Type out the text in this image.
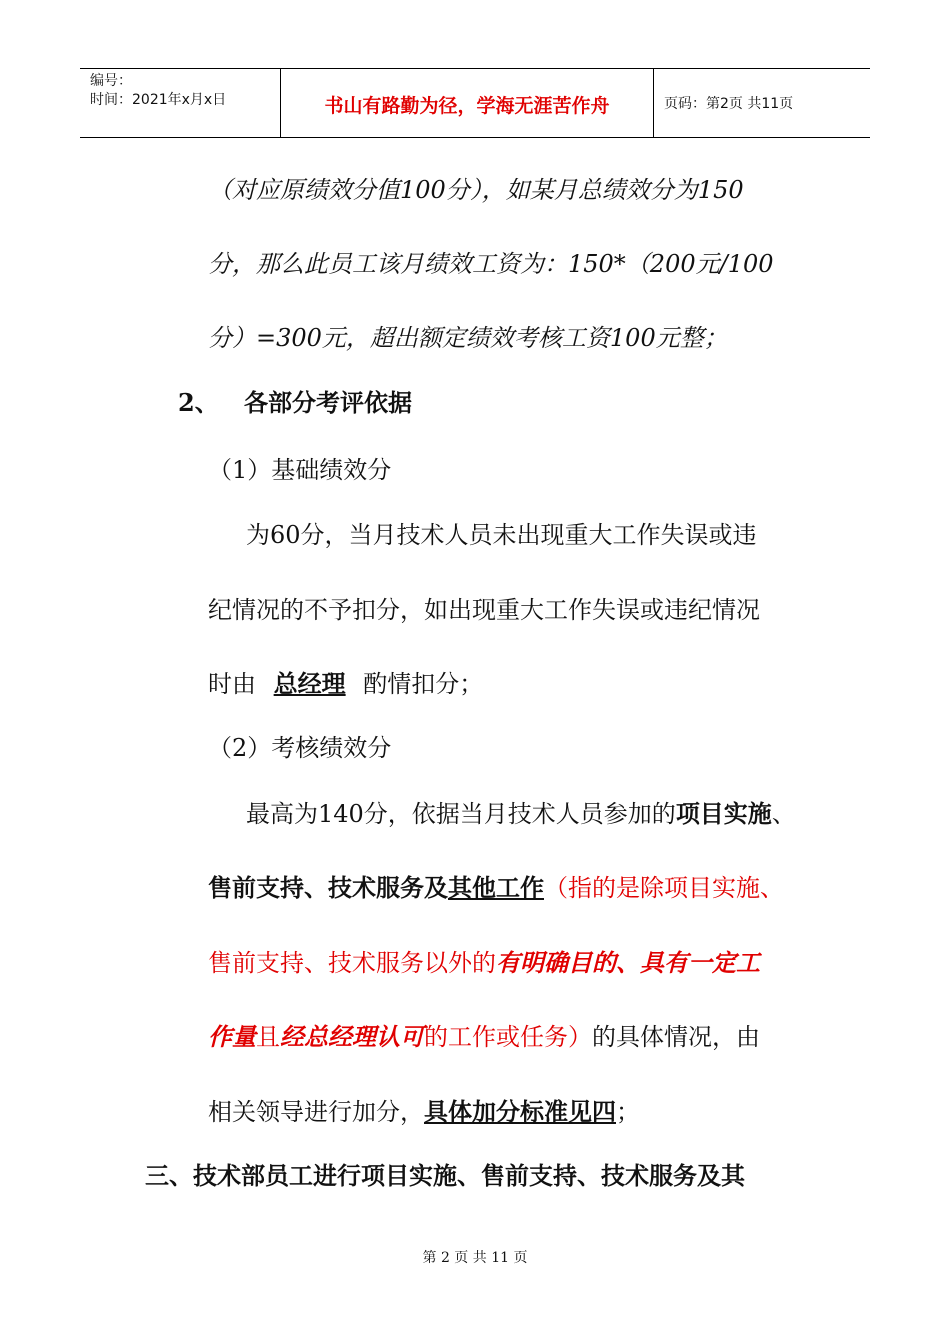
编号：
时间：2021年x月x日	书山有路勤为径，学海无涯苦作舟	页码：第2页 共11页
（对应原绩效分值100分），如某月总绩效分为150
分，那么此员工该月绩效工资为：150*（200元/100
分）=300元，超出额定绩效考核工资100元整；
2、 各部分考评依据
（1）基础绩效分
为60分，当月技术人员未出现重大工作失误或违
纪情况的不予扣分，如出现重大工作失误或违纪情况
时由 总经理 酌情扣分；
（2）考核绩效分
最高为140分，依据当月技术人员参加的项目实施、
售前支持、技术服务及其他工作（指的是除项目实施、
售前支持、技术服务以外的有明确目的、具有一定工
作量且经总经理认可的工作或任务）的具体情况，由
相关领导进行加分，具体加分标准见四；
三、技术部员工进行项目实施、售前支持、技术服务及其
第 2 页 共 11 页
